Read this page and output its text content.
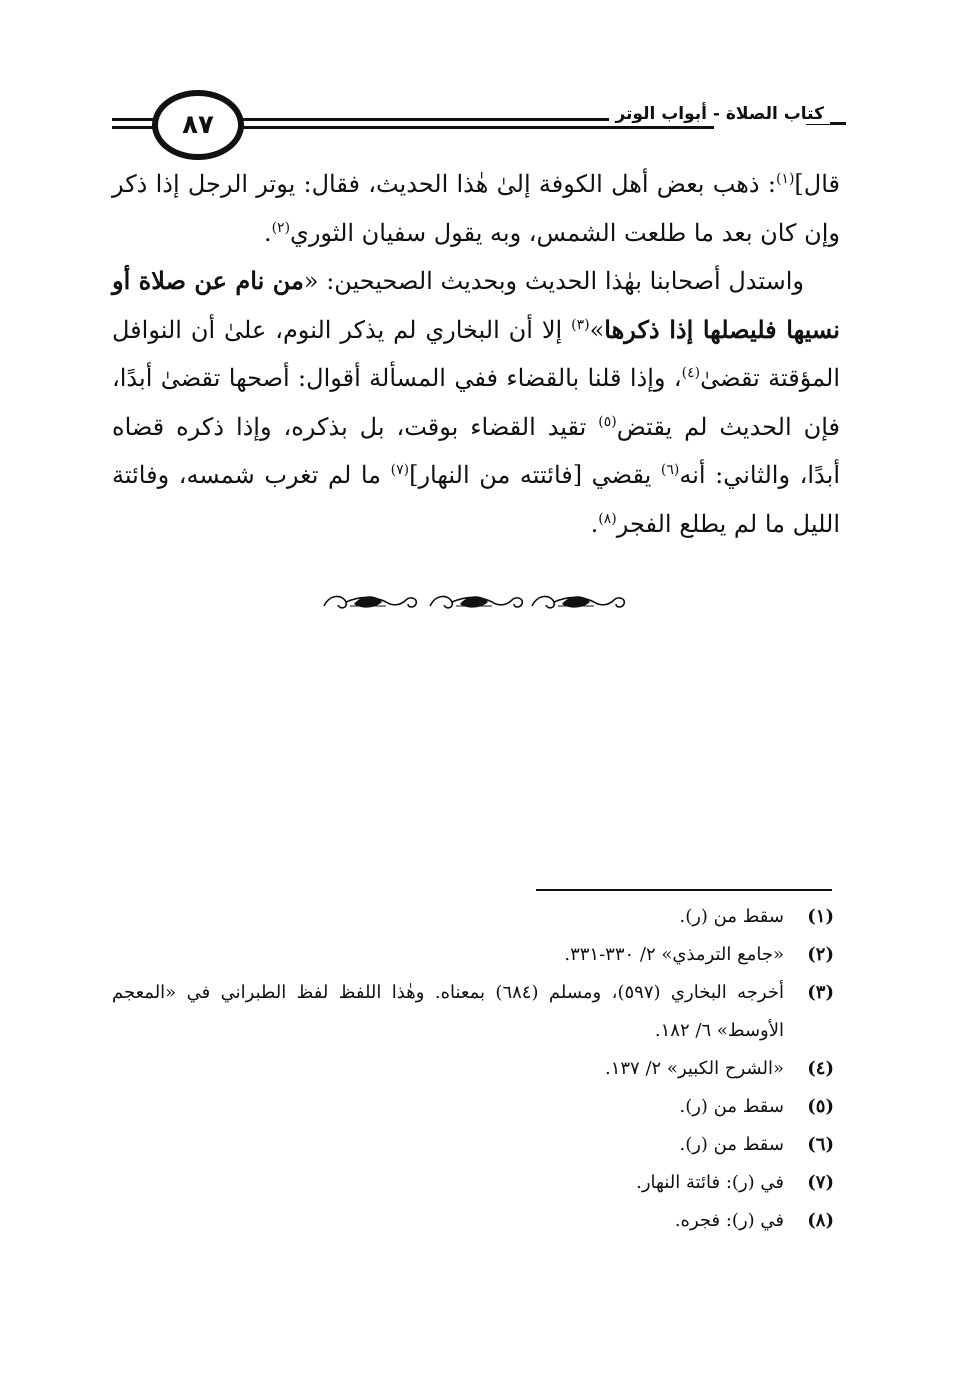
٨٧	كتاب الصلاة - أبواب الوتر

قال]$^{(١)}$: ذهب بعض أهل الكوفة إلىٰ هٰذا الحديث، فقال: يوتر الرجل إذا ذكر وإن كان بعد ما طلعت الشمس، وبه يقول سفيان الثوري$^{(٢)}$.

واستدل أصحابنا بهٰذا الحديث وبحديث الصحيحين: «من نام عن صلاة أو نسيها فليصلها إذا ذكرها»$^{(٣)}$ إلا أن البخاري لم يذكر النوم، علىٰ أن النوافل المؤقتة تقضىٰ$^{(٤)}$، وإذا قلنا بالقضاء ففي المسألة أقوال: أصحها تقضىٰ أبدًا، فإن الحديث لم يقتض$^{(٥)}$ تقيد القضاء بوقت، بل بذكره، وإذا ذكره قضاه أبدًا، والثاني: أنه$^{(٦)}$ يقضي [فائتته من النهار]$^{(٧)}$ ما لم تغرب شمسه، وفائتة الليل ما لم يطلع الفجر$^{(٨)}$.

(١)
سقط من (ر).
(٢)
«جامع الترمذي» ٢/ ٣٣٠-٣٣١.
(٣)
أخرجه البخاري (٥٩٧)، ومسلم (٦٨٤) بمعناه. وهٰذا اللفظ لفظ الطبراني في «المعجم الأوسط» ٦/ ١٨٢.
(٤)
«الشرح الكبير» ٢/ ١٣٧.
(٥)
سقط من (ر).
(٦)
سقط من (ر).
(٧)
في (ر): فائتة النهار.
(٨)
في (ر): فجره.
